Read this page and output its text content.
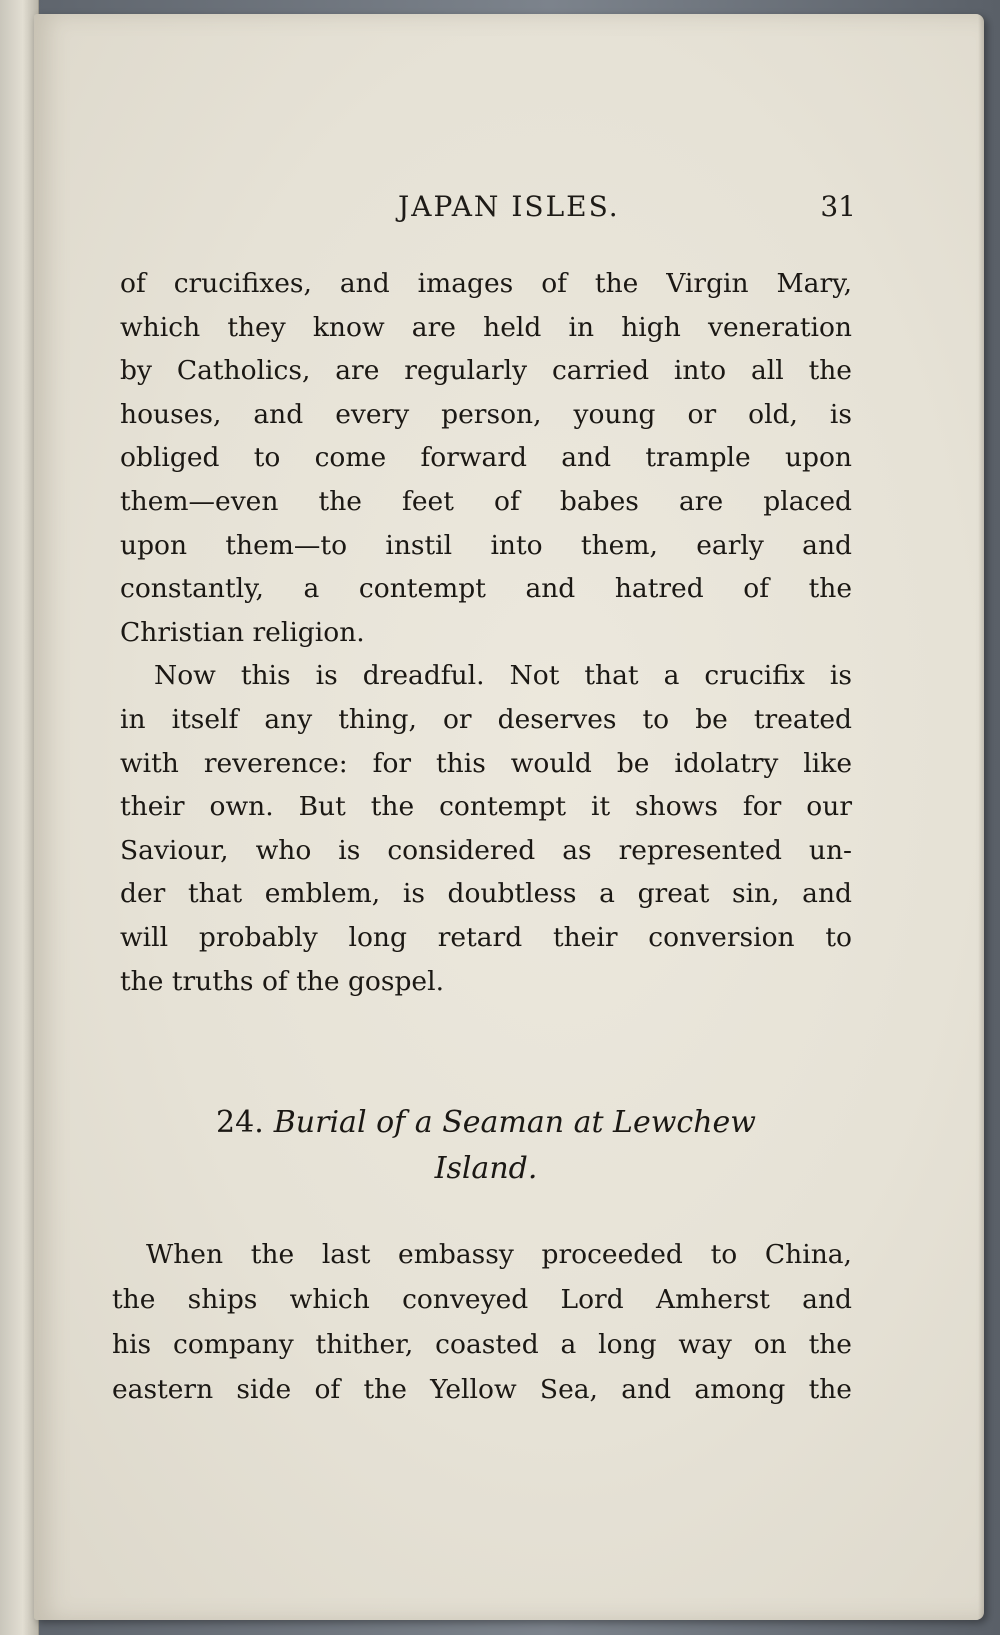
JAPAN ISLES.	31
of crucifixes, and images of the Virgin Mary,
which they know are held in high veneration
by Catholics, are regularly carried into all the
houses, and every person, young or old, is
obliged to come forward and trample upon
them—even the feet of babes are placed
upon them—to instil into them, early and
constantly, a contempt and hatred of the
Christian religion.
Now this is dreadful. Not that a crucifix is
in itself any thing, or deserves to be treated
with reverence: for this would be idolatry like
their own. But the contempt it shows for our
Saviour, who is considered as represented un-
der that emblem, is doubtless a great sin, and
will probably long retard their conversion to
the truths of the gospel.
24. Burial of a Seaman at Lewchew
Island.
When the last embassy proceeded to China,
the ships which conveyed Lord Amherst and
his company thither, coasted a long way on the
eastern side of the Yellow Sea, and among the
